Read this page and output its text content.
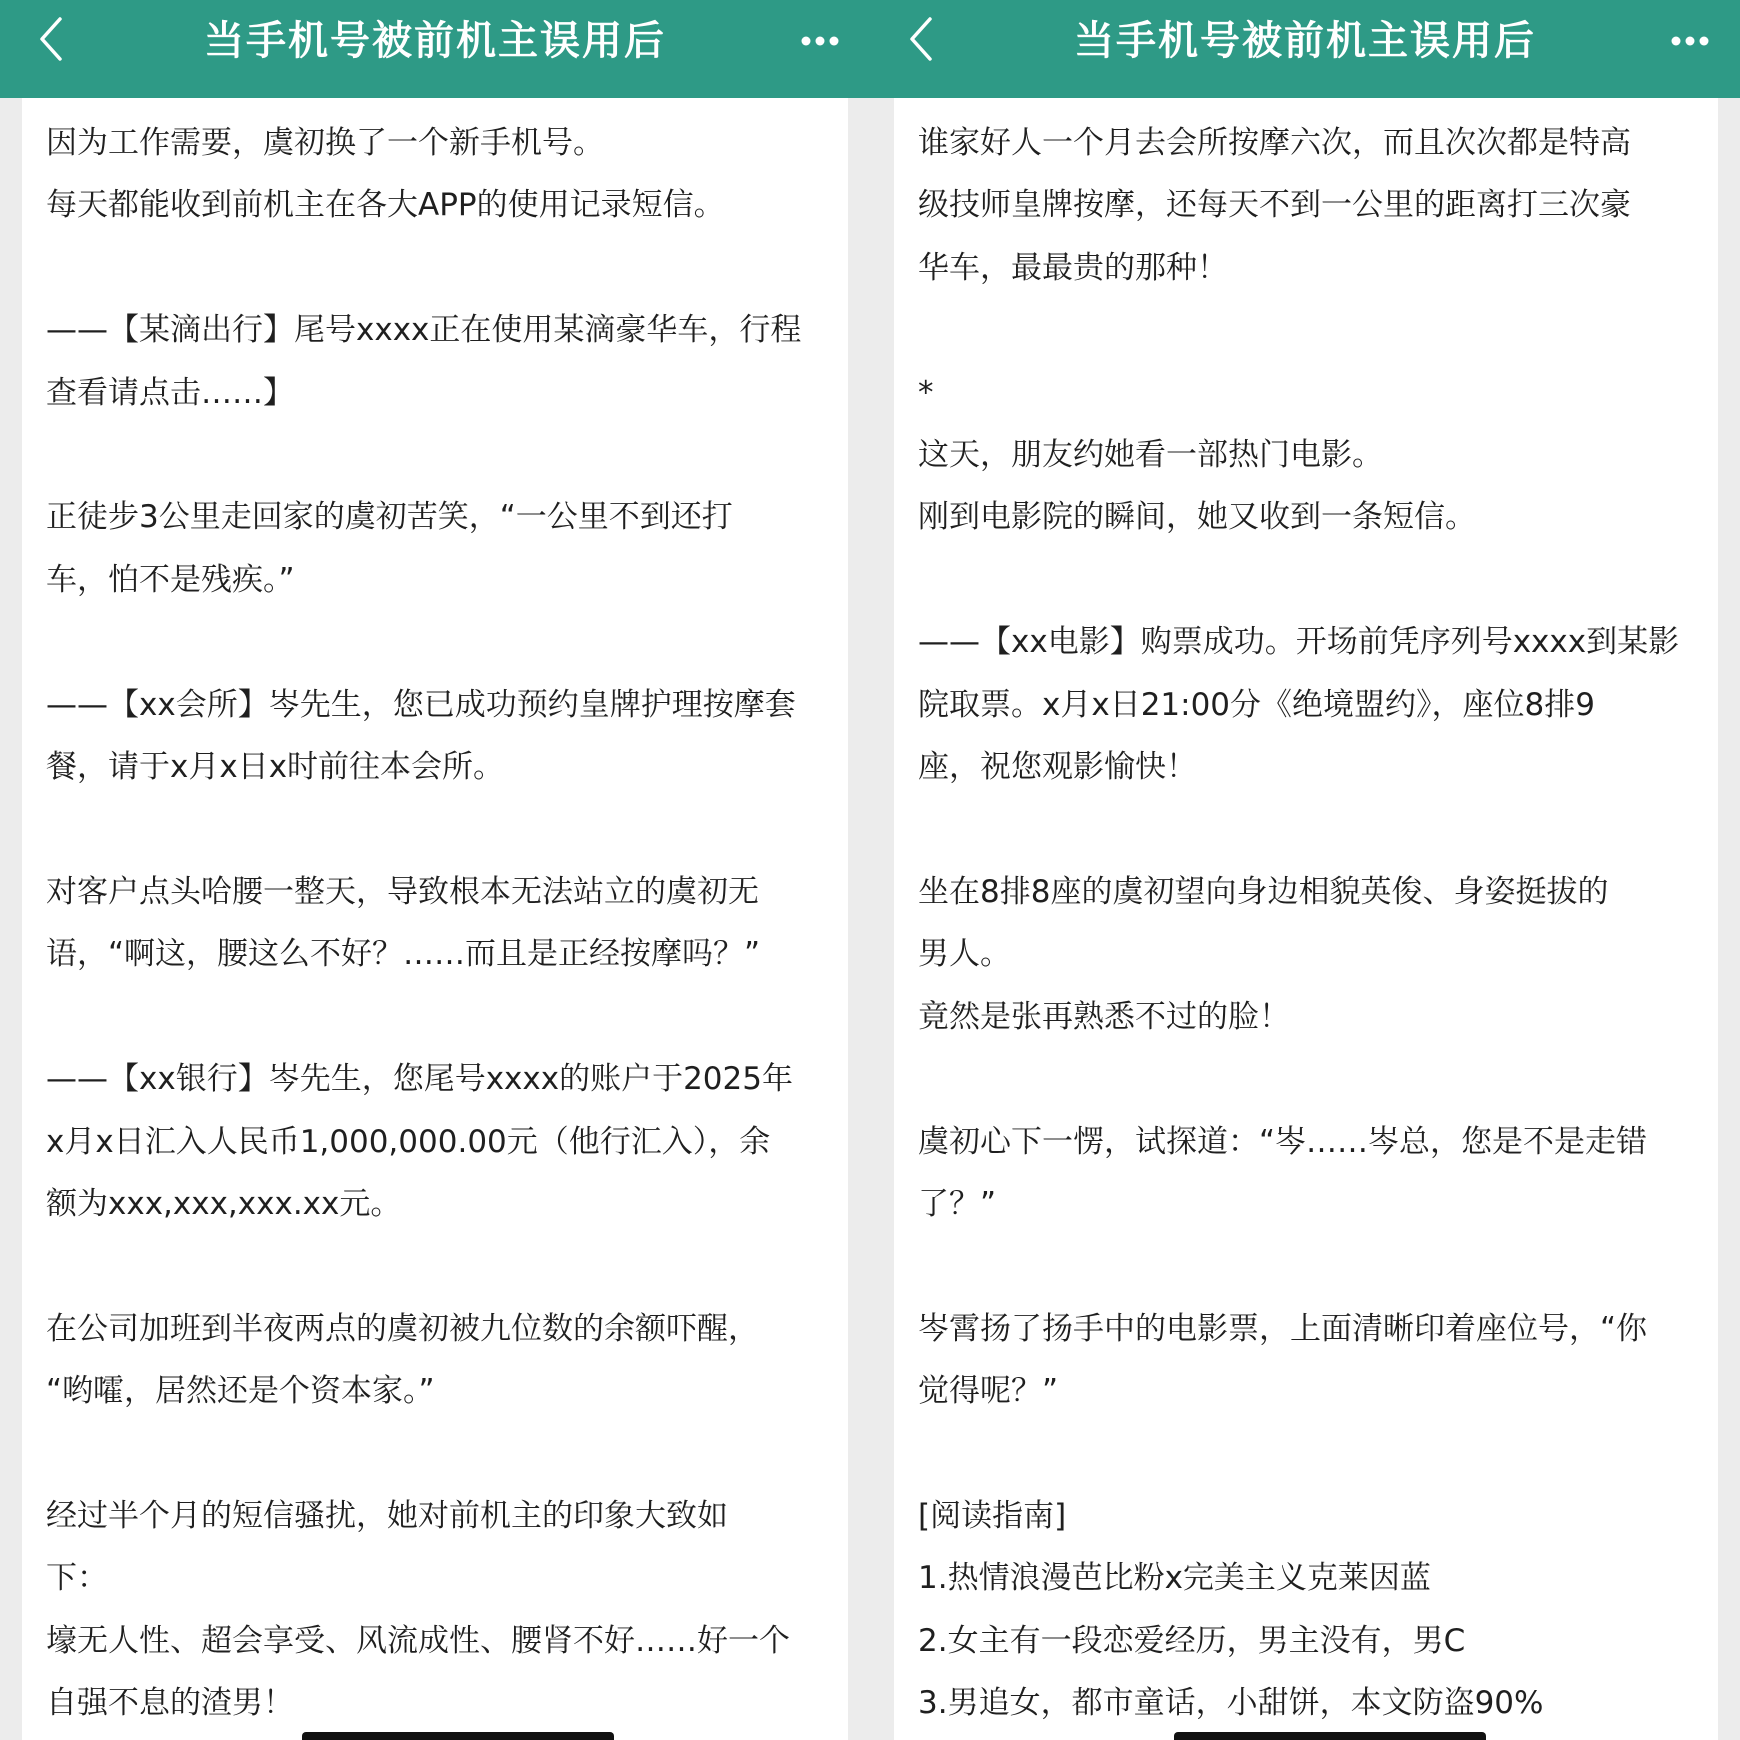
当手机号被前机主误用后

因为工作需要，虞初换了一个新手机号。

每天都能收到前机主在各大APP的使用记录短信。

——【某滴出行】尾号xxxx正在使用某滴豪华车，行程

查看请点击……】

正徒步3公里走回家的虞初苦笑，“一公里不到还打

车，怕不是残疾。”

——【xx会所】岑先生，您已成功预约皇牌护理按摩套

餐，请于x月x日x时前往本会所。

对客户点头哈腰一整天，导致根本无法站立的虞初无

语，“啊这，腰这么不好？……而且是正经按摩吗？”

——【xx银行】岑先生，您尾号xxxx的账户于2025年

x月x日汇入人民币1,000,000.00元（他行汇入），余

额为xxx,xxx,xxx.xx元。

在公司加班到半夜两点的虞初被九位数的余额吓醒，

“哟嚯，居然还是个资本家。”

经过半个月的短信骚扰，她对前机主的印象大致如

下：

壕无人性、超会享受、风流成性、腰肾不好……好一个

自强不息的渣男！

当手机号被前机主误用后

谁家好人一个月去会所按摩六次，而且次次都是特高

级技师皇牌按摩，还每天不到一公里的距离打三次豪

华车，最最贵的那种！

*

这天，朋友约她看一部热门电影。

刚到电影院的瞬间，她又收到一条短信。

——【xx电影】购票成功。开场前凭序列号xxxx到某影

院取票。x月x日21:00分《绝境盟约》，座位8排9

座，祝您观影愉快！

坐在8排8座的虞初望向身边相貌英俊、身姿挺拔的

男人。

竟然是张再熟悉不过的脸！

虞初心下一愣，试探道：“岑……岑总，您是不是走错

了？”

岑霄扬了扬手中的电影票，上面清晰印着座位号，“你

觉得呢？”

[阅读指南]

1.热情浪漫芭比粉x完美主义克莱因蓝

2.女主有一段恋爱经历，男主没有，男C

3.男追女，都市童话，小甜饼，本文防盗90%
